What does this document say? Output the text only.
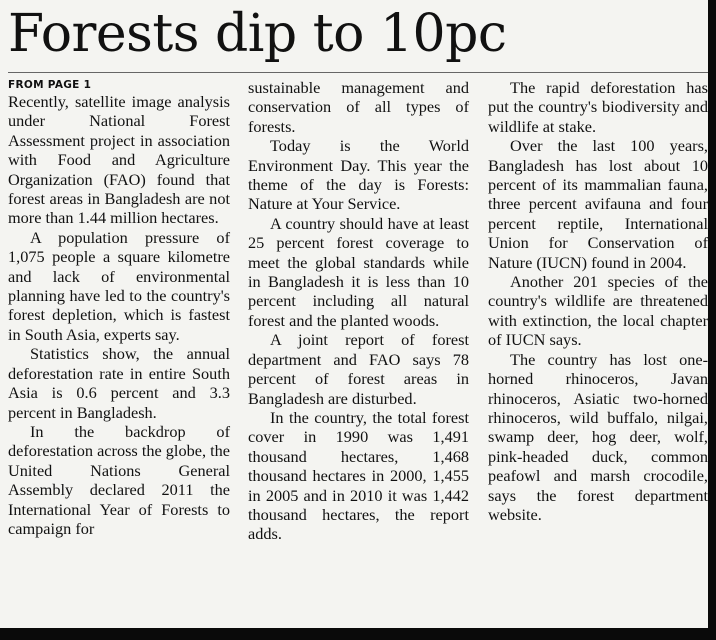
Forests dip to 10pc
FROM PAGE 1

Recently, satellite image analysis under National Forest Assessment project in association with Food and Agriculture Organization (FAO) found that forest areas in Bangladesh are not more than 1.44 million hectares.

A population pressure of 1,075 people a square kilometre and lack of environmental planning have led to the country's forest depletion, which is fastest in South Asia, experts say.

Statistics show, the annual deforestation rate in entire South Asia is 0.6 percent and 3.3 percent in Bangladesh.

In the backdrop of deforestation across the globe, the United Nations General Assembly declared 2011 the International Year of Forests to campaign for

sustainable management and conservation of all types of forests.

Today is the World Environment Day. This year the theme of the day is Forests: Nature at Your Service.

A country should have at least 25 percent forest coverage to meet the global standards while in Bangladesh it is less than 10 percent including all natural forest and the planted woods.

A joint report of forest department and FAO says 78 percent of forest areas in Bangladesh are disturbed.

In the country, the total forest cover in 1990 was 1,491 thousand hectares, 1,468 thousand hectares in 2000, 1,455 in 2005 and in 2010 it was 1,442 thousand hectares, the report adds.

The rapid deforestation has put the country's biodiversity and wildlife at stake.

Over the last 100 years, Bangladesh has lost about 10 percent of its mammalian fauna, three percent avifauna and four percent reptile, International Union for Conservation of Nature (IUCN) found in 2004.

Another 201 species of the country's wildlife are threatened with extinction, the local chapter of IUCN says.

The country has lost one-horned rhinoceros, Javan rhinoceros, Asiatic two-horned rhinoceros, wild buffalo, nilgai, swamp deer, hog deer, wolf, pink-headed duck, common peafowl and marsh crocodile, says the forest department website.
